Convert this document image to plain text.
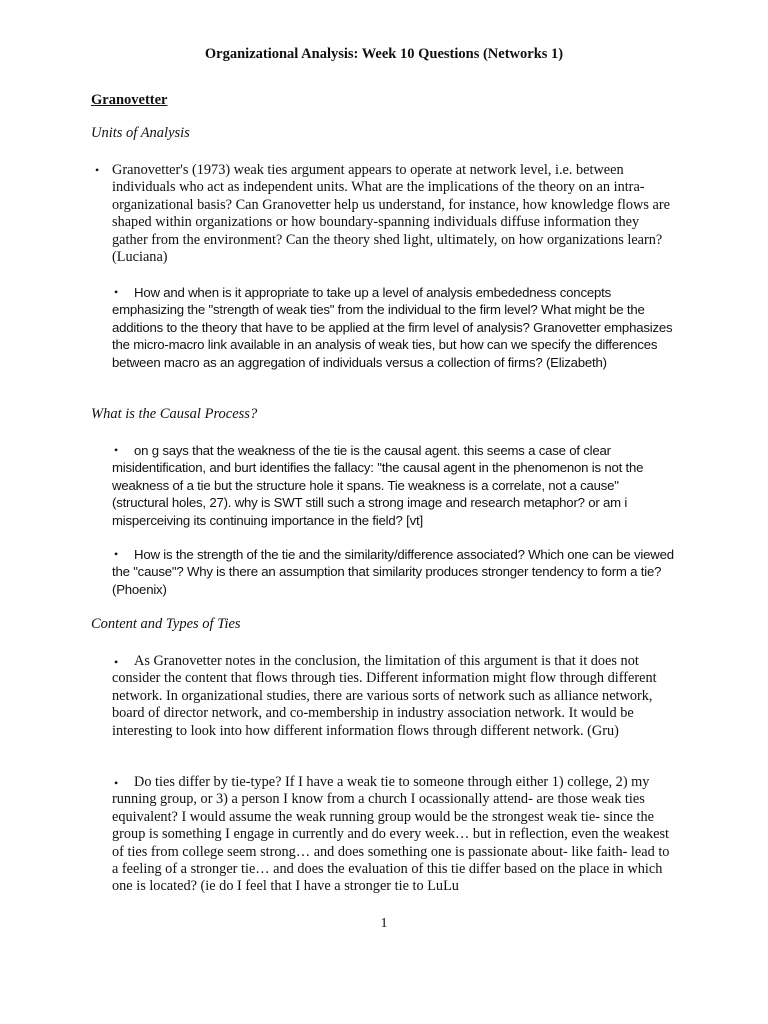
Organizational Analysis: Week 10 Questions (Networks 1)
Granovetter
Units of Analysis
• Granovetter's (1973) weak ties argument appears to operate at network level, i.e. between individuals who act as independent units. What are the implications of the theory on an intra-organizational basis? Can Granovetter help us understand, for instance, how knowledge flows are shaped within organizations or how boundary-spanning individuals diffuse information they gather from the environment? Can the theory shed light, ultimately, on how organizations learn? (Luciana)
•	How and when is it appropriate to take up a level of analysis embededness concepts emphasizing the "strength of weak ties" from the individual to the firm level? What might be the additions to the theory that have to be applied at the firm level of analysis? Granovetter emphasizes the micro-macro link available in an analysis of weak ties, but how can we specify the differences between macro as an aggregation of individuals versus a collection of firms? (Elizabeth)
What is the Causal Process?
•	on g says that the weakness of the tie is the causal agent. this seems a case of clear misidentification, and burt identifies the fallacy: "the causal agent in the phenomenon is not the weakness of a tie but the structure hole it spans. Tie weakness is a correlate, not a cause" (structural holes, 27). why is SWT still such a strong image and research metaphor? or am i misperceiving its continuing importance in the field? [vt]
•	How is the strength of the tie and the similarity/difference associated? Which one can be viewed the "cause"? Why is there an assumption that similarity produces stronger tendency to form a tie? (Phoenix)
Content and Types of Ties
•	As Granovetter notes in the conclusion, the limitation of this argument is that it does not consider the content that flows through ties. Different information might flow through different network. In organizational studies, there are various sorts of network such as alliance network, board of director network, and co-membership in industry association network. It would be interesting to look into how different information flows through different network. (Gru)
•	Do ties differ by tie-type? If I have a weak tie to someone through either 1) college, 2) my running group, or 3) a person I know from a church I ocassionally attend- are those weak ties equivalent? I would assume the weak running group would be the strongest weak tie- since the group is something I engage in currently and do every week… but in reflection, even the weakest of ties from college seem strong… and does something one is passionate about- like faith- lead to a feeling of a stronger tie… and does the evaluation of this tie differ based on the place in which one is located? (ie do I feel that I have a stronger tie to LuLu
1
